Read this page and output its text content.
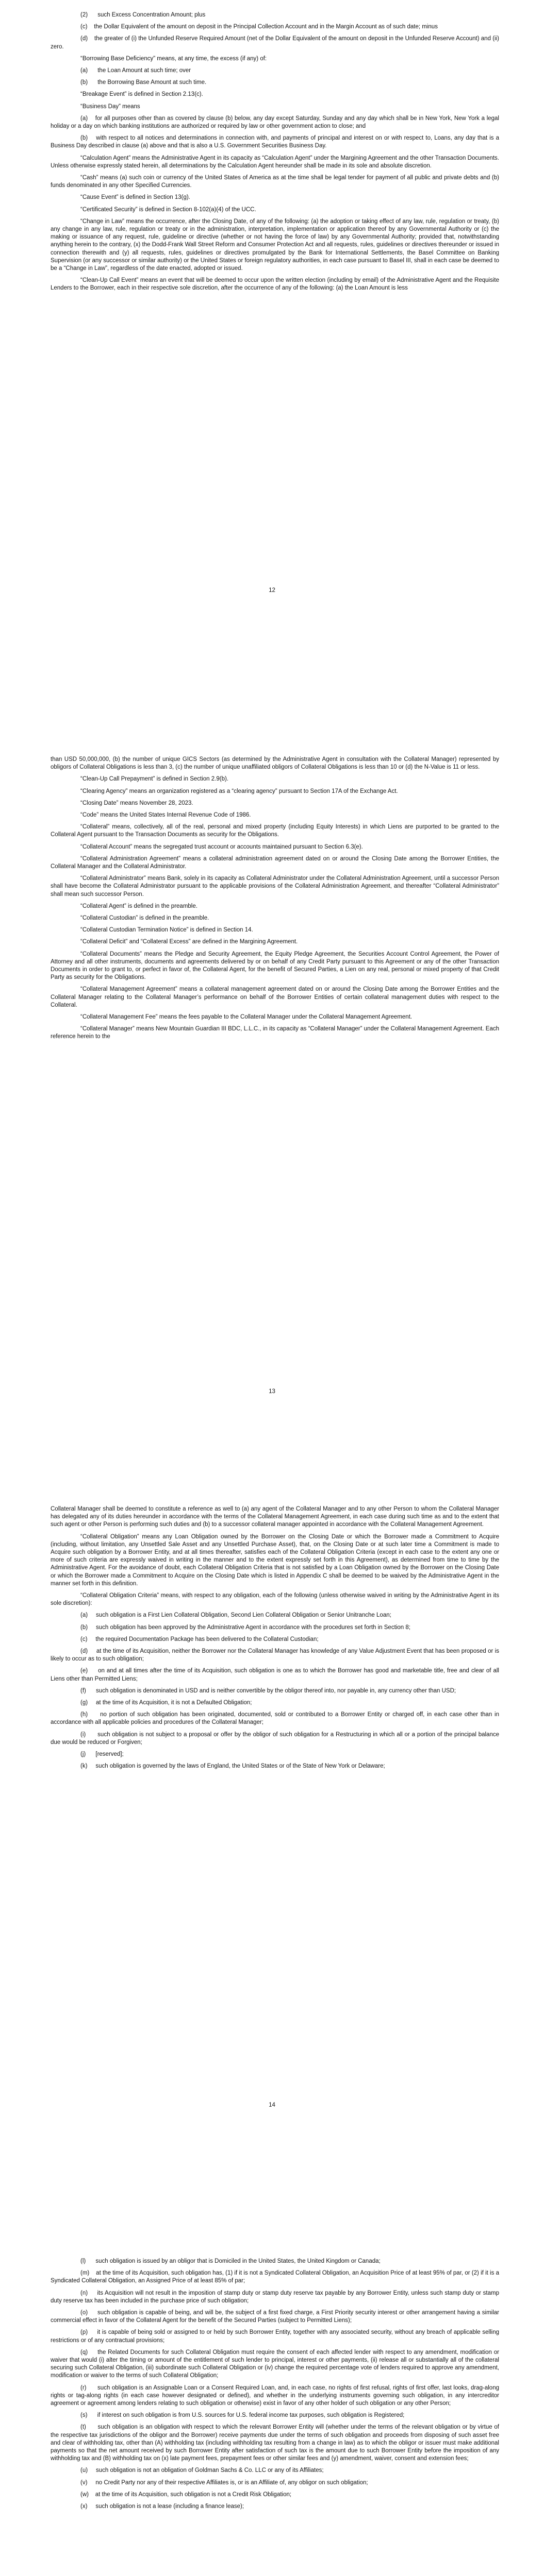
(2)      such Excess Concentration Amount; plus

(c)    the Dollar Equivalent of the amount on deposit in the Principal Collection Account and in the Margin Account as of such date; minus

(d)    the greater of (i) the Unfunded Reserve Required Amount (net of the Dollar Equivalent of the amount on deposit in the Unfunded Reserve Account) and (ii) zero.

“Borrowing Base Deficiency” means, at any time, the excess (if any) of:

(a)      the Loan Amount at such time; over

(b)      the Borrowing Base Amount at such time.

“Breakage Event” is defined in Section 2.13(c).

“Business Day” means

(a)    for all purposes other than as covered by clause (b) below, any day except Saturday, Sunday and any day which shall be in New York, New York a legal holiday or a day on which banking institutions are authorized or required by law or other government action to close; and

(b)    with respect to all notices and determinations in connection with, and payments of principal and interest on or with respect to, Loans, any day that is a Business Day described in clause (a) above and that is also a U.S. Government Securities Business Day.

“Calculation Agent” means the Administrative Agent in its capacity as “Calculation Agent” under the Margining Agreement and the other Transaction Documents. Unless otherwise expressly stated herein, all determinations by the Calculation Agent hereunder shall be made in its sole and absolute discretion.

“Cash” means (a) such coin or currency of the United States of America as at the time shall be legal tender for payment of all public and private debts and (b) funds denominated in any other Specified Currencies.

“Cause Event” is defined in Section 13(g).

“Certificated Security” is defined in Section 8-102(a)(4) of the UCC.

“Change in Law” means the occurrence, after the Closing Date, of any of the following: (a) the adoption or taking effect of any law, rule, regulation or treaty, (b) any change in any law, rule, regulation or treaty or in the administration, interpretation, implementation or application thereof by any Governmental Authority or (c) the making or issuance of any request, rule, guideline or directive (whether or not having the force of law) by any Governmental Authority; provided that, notwithstanding anything herein to the contrary, (x) the Dodd-Frank Wall Street Reform and Consumer Protection Act and all requests, rules, guidelines or directives thereunder or issued in connection therewith and (y) all requests, rules, guidelines or directives promulgated by the Bank for International Settlements, the Basel Committee on Banking Supervision (or any successor or similar authority) or the United States or foreign regulatory authorities, in each case pursuant to Basel III, shall in each case be deemed to be a “Change in Law”, regardless of the date enacted, adopted or issued.

“Clean-Up Call Event” means an event that will be deemed to occur upon the written election (including by email) of the Administrative Agent and the Requisite Lenders to the Borrower, each in their respective sole discretion, after the occurrence of any of the following: (a) the Loan Amount is less

12

than USD 50,000,000, (b) the number of unique GICS Sectors (as determined by the Administrative Agent in consultation with the Collateral Manager) represented by obligors of Collateral Obligations is less than 3, (c) the number of unique unaffiliated obligors of Collateral Obligations is less than 10 or (d) the N-Value is 11 or less.

“Clean-Up Call Prepayment” is defined in Section 2.9(b).

“Clearing Agency” means an organization registered as a “clearing agency” pursuant to Section 17A of the Exchange Act.

“Closing Date” means November 28, 2023.

“Code” means the United States Internal Revenue Code of 1986.

“Collateral” means, collectively, all of the real, personal and mixed property (including Equity Interests) in which Liens are purported to be granted to the Collateral Agent pursuant to the Transaction Documents as security for the Obligations.

“Collateral Account” means the segregated trust account or accounts maintained pursuant to Section 6.3(e).

“Collateral Administration Agreement” means a collateral administration agreement dated on or around the Closing Date among the Borrower Entities, the Collateral Manager and the Collateral Administrator.

“Collateral Administrator” means Bank, solely in its capacity as Collateral Administrator under the Collateral Administration Agreement, until a successor Person shall have become the Collateral Administrator pursuant to the applicable provisions of the Collateral Administration Agreement, and thereafter “Collateral Administrator” shall mean such successor Person.

“Collateral Agent” is defined in the preamble.

“Collateral Custodian” is defined in the preamble.

“Collateral Custodian Termination Notice” is defined in Section 14.

“Collateral Deficit” and “Collateral Excess” are defined in the Margining Agreement.

“Collateral Documents” means the Pledge and Security Agreement, the Equity Pledge Agreement, the Securities Account Control Agreement, the Power of Attorney and all other instruments, documents and agreements delivered by or on behalf of any Credit Party pursuant to this Agreement or any of the other Transaction Documents in order to grant to, or perfect in favor of, the Collateral Agent, for the benefit of Secured Parties, a Lien on any real, personal or mixed property of that Credit Party as security for the Obligations.

“Collateral Management Agreement” means a collateral management agreement dated on or around the Closing Date among the Borrower Entities and the Collateral Manager relating to the Collateral Manager’s performance on behalf of the Borrower Entities of certain collateral management duties with respect to the Collateral.

“Collateral Management Fee” means the fees payable to the Collateral Manager under the Collateral Management Agreement.

“Collateral Manager” means New Mountain Guardian III BDC, L.L.C., in its capacity as “Collateral Manager” under the Collateral Management Agreement. Each reference herein to the

13

Collateral Manager shall be deemed to constitute a reference as well to (a) any agent of the Collateral Manager and to any other Person to whom the Collateral Manager has delegated any of its duties hereunder in accordance with the terms of the Collateral Management Agreement, in each case during such time as and to the extent that such agent or other Person is performing such duties and (b) to a successor collateral manager appointed in accordance with the Collateral Management Agreement.

“Collateral Obligation” means any Loan Obligation owned by the Borrower on the Closing Date or which the Borrower made a Commitment to Acquire (including, without limitation, any Unsettled Sale Asset and any Unsettled Purchase Asset), that, on the Closing Date or at such later time a Commitment is made to Acquire such obligation by a Borrower Entity, and at all times thereafter, satisfies each of the Collateral Obligation Criteria (except in each case to the extent any one or more of such criteria are expressly waived in writing in the manner and to the extent expressly set forth in this Agreement), as determined from time to time by the Administrative Agent. For the avoidance of doubt, each Collateral Obligation Criteria that is not satisfied by a Loan Obligation owned by the Borrower on the Closing Date or which the Borrower made a Commitment to Acquire on the Closing Date which is listed in Appendix C shall be deemed to be waived by the Administrative Agent in the manner set forth in this definition.

“Collateral Obligation Criteria” means, with respect to any obligation, each of the following (unless otherwise waived in writing by the Administrative Agent in its sole discretion):

(a)     such obligation is a First Lien Collateral Obligation, Second Lien Collateral Obligation or Senior Unitranche Loan;

(b)     such obligation has been approved by the Administrative Agent in accordance with the procedures set forth in Section 8;

(c)     the required Documentation Package has been delivered to the Collateral Custodian;

(d)     at the time of its Acquisition, neither the Borrower nor the Collateral Manager has knowledge of any Value Adjustment Event that has been proposed or is likely to occur as to such obligation;

(e)     on and at all times after the time of its Acquisition, such obligation is one as to which the Borrower has good and marketable title, free and clear of all Liens other than Permitted Liens;

(f)      such obligation is denominated in USD and is neither convertible by the obligor thereof into, nor payable in, any currency other than USD;

(g)     at the time of its Acquisition, it is not a Defaulted Obligation;

(h)     no portion of such obligation has been originated, documented, sold or contributed to a Borrower Entity or charged off, in each case other than in accordance with all applicable policies and procedures of the Collateral Manager;

(i)      such obligation is not subject to a proposal or offer by the obligor of such obligation for a Restructuring in which all or a portion of the principal balance due would be reduced or Forgiven;

(j)      [reserved];

(k)     such obligation is governed by the laws of England, the United States or of the State of New York or Delaware;

14

(l)      such obligation is issued by an obligor that is Domiciled in the United States, the United Kingdom or Canada;

(m)    at the time of its Acquisition, such obligation has, (1) if it is not a Syndicated Collateral Obligation, an Acquisition Price of at least 95% of par, or (2) if it is a Syndicated Collateral Obligation, an Assigned Price of at least 85% of par;

(n)     its Acquisition will not result in the imposition of stamp duty or stamp duty reserve tax payable by any Borrower Entity, unless such stamp duty or stamp duty reserve tax has been included in the purchase price of such obligation;

(o)     such obligation is capable of being, and will be, the subject of a first fixed charge, a First Priority security interest or other arrangement having a similar commercial effect in favor of the Collateral Agent for the benefit of the Secured Parties (subject to Permitted Liens);

(p)     it is capable of being sold or assigned to or held by such Borrower Entity, together with any associated security, without any breach of applicable selling restrictions or of any contractual provisions;

(q)     the Related Documents for such Collateral Obligation must require the consent of each affected lender with respect to any amendment, modification or waiver that would (i) alter the timing or amount of the entitlement of such lender to principal, interest or other payments, (ii) release all or substantially all of the collateral securing such Collateral Obligation, (iii) subordinate such Collateral Obligation or (iv) change the required percentage vote of lenders required to approve any amendment, modification or waiver to the terms of such Collateral Obligation;

(r)      such obligation is an Assignable Loan or a Consent Required Loan, and, in each case, no rights of first refusal, rights of first offer, last looks, drag-along rights or tag-along rights (in each case however designated or defined), and whether in the underlying instruments governing such obligation, in any intercreditor agreement or agreement among lenders relating to such obligation or otherwise) exist in favor of any other holder of such obligation or any other Person;

(s)      if interest on such obligation is from U.S. sources for U.S. federal income tax purposes, such obligation is Registered;

(t)      such obligation is an obligation with respect to which the relevant Borrower Entity will (whether under the terms of the relevant obligation or by virtue of the respective tax jurisdictions of the obligor and the Borrower) receive payments due under the terms of such obligation and proceeds from disposing of such asset free and clear of withholding tax, other than (A) withholding tax (including withholding tax resulting from a change in law) as to which the obligor or issuer must make additional payments so that the net amount received by such Borrower Entity after satisfaction of such tax is the amount due to such Borrower Entity before the imposition of any withholding tax and (B) withholding tax on (x) late payment fees, prepayment fees or other similar fees and (y) amendment, waiver, consent and extension fees;

(u)     such obligation is not an obligation of Goldman Sachs & Co. LLC or any of its Affiliates;

(v)     no Credit Party nor any of their respective Affiliates is, or is an Affiliate of, any obligor on such obligation;

(w)    at the time of its Acquisition, such obligation is not a Credit Risk Obligation;

(x)     such obligation is not a lease (including a finance lease);
